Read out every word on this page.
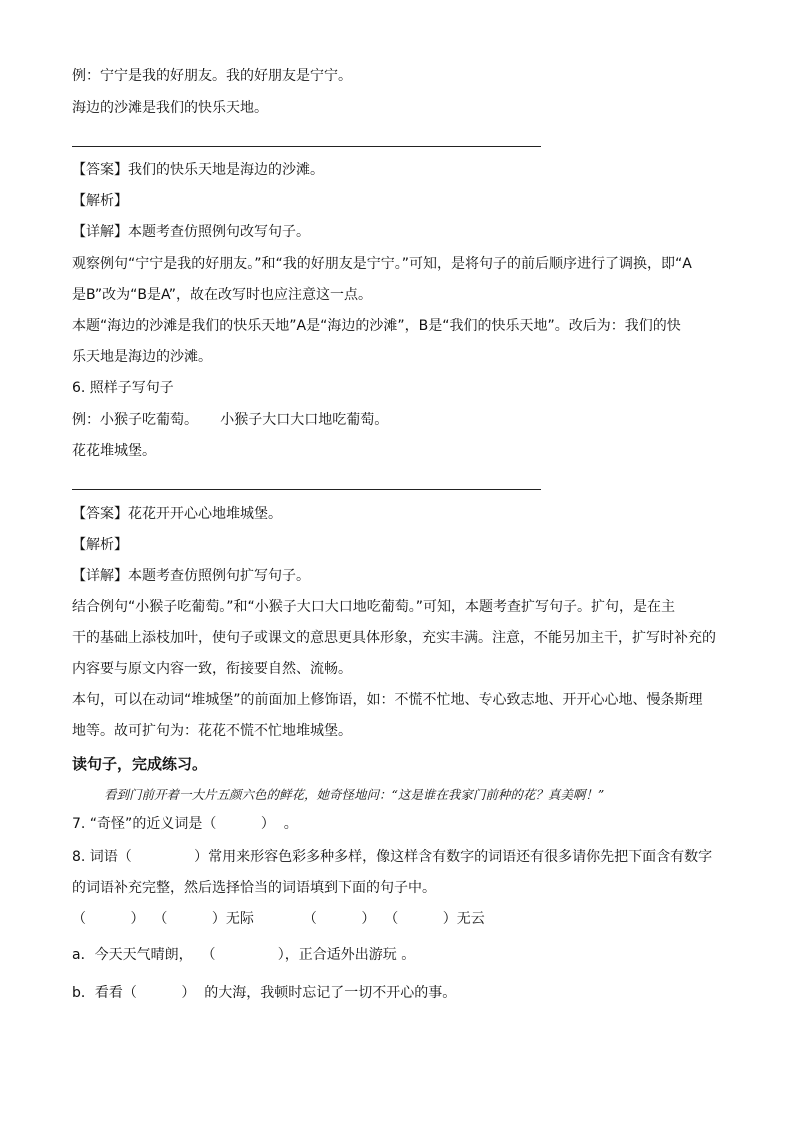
例：宁宁是我的好朋友。我的好朋友是宁宁。
海边的沙滩是我们的快乐天地。
【答案】我们的快乐天地是海边的沙滩。
【解析】
【详解】本题考查仿照例句改写句子。
观察例句“宁宁是我的好朋友。”和“我的好朋友是宁宁。”可知，是将句子的前后顺序进行了调换，即“A
是B”改为“B是A”，故在改写时也应注意这一点。
本题“海边的沙滩是我们的快乐天地”A是“海边的沙滩”，B是“我们的快乐天地”。改后为：我们的快
乐天地是海边的沙滩。
6. 照样子写句子
例：小猴子吃葡萄。     小猴子大口大口地吃葡萄。
花花堆城堡。
【答案】花花开开心心地堆城堡。
【解析】
【详解】本题考查仿照例句扩写句子。
结合例句“小猴子吃葡萄。”和“小猴子大口大口地吃葡萄。”可知，本题考查扩写句子。扩句，是在主
干的基础上添枝加叶，使句子或课文的意思更具体形象，充实丰满。注意，不能另加主干，扩写时补充的
内容要与原文内容一致，衔接要自然、流畅。
本句，可以在动词“堆城堡”的前面加上修饰语，如：不慌不忙地、专心致志地、开开心心地、慢条斯理
地等。故可扩句为：花花不慌不忙地堆城堡。
读句子，完成练习。
看到门前开着一大片五颜六色的鲜花，她奇怪地问：“这是谁在我家门前种的花？真美啊！”
7. “奇怪”的近义词是（          ）  。
8. 词语（              ）常用来形容色彩多种多样，像这样含有数字的词语还有很多请你先把下面含有数字
的词语补充完整，然后选择恰当的词语填到下面的句子中。
（          ）  （          ）无际           （          ）  （          ）无云
a．今天天气晴朗，  （              ），正合适外出游玩 。
b．看看（          ）  的大海，我顿时忘记了一切不开心的事。
